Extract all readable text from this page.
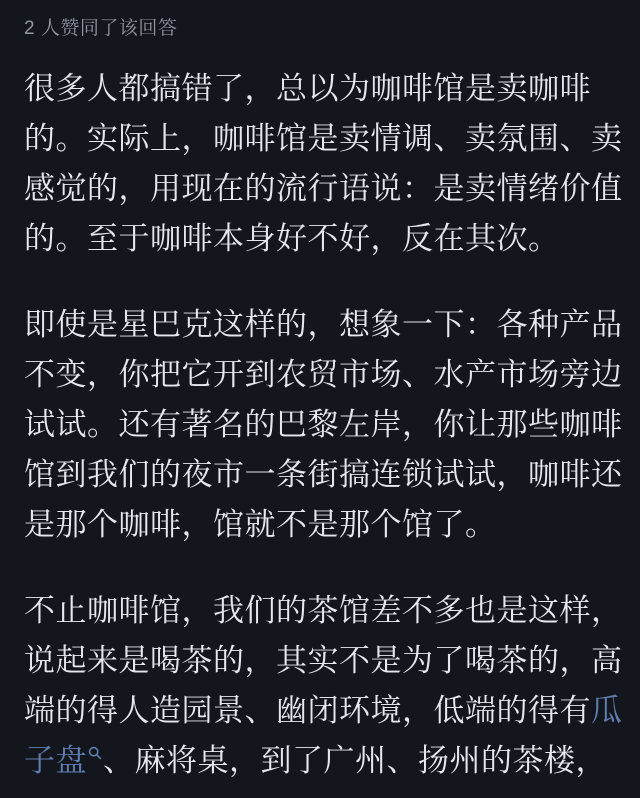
2 人赞同了该回答
很多人都搞错了，总以为咖啡馆是卖咖啡
的。实际上，咖啡馆是卖情调、卖氛围、卖
感觉的，用现在的流行语说：是卖情绪价值
的。至于咖啡本身好不好，反在其次。
即使是星巴克这样的，想象一下：各种产品
不变，你把它开到农贸市场、水产市场旁边
试试。还有著名的巴黎左岸，你让那些咖啡
馆到我们的夜市一条街搞连锁试试，咖啡还
是那个咖啡，馆就不是那个馆了。
不止咖啡馆，我们的茶馆差不多也是这样，
说起来是喝茶的，其实不是为了喝茶的，高
端的得人造园景、幽闭环境，低端的得有瓜
子盘 、麻将桌，到了广州、扬州的茶楼，
